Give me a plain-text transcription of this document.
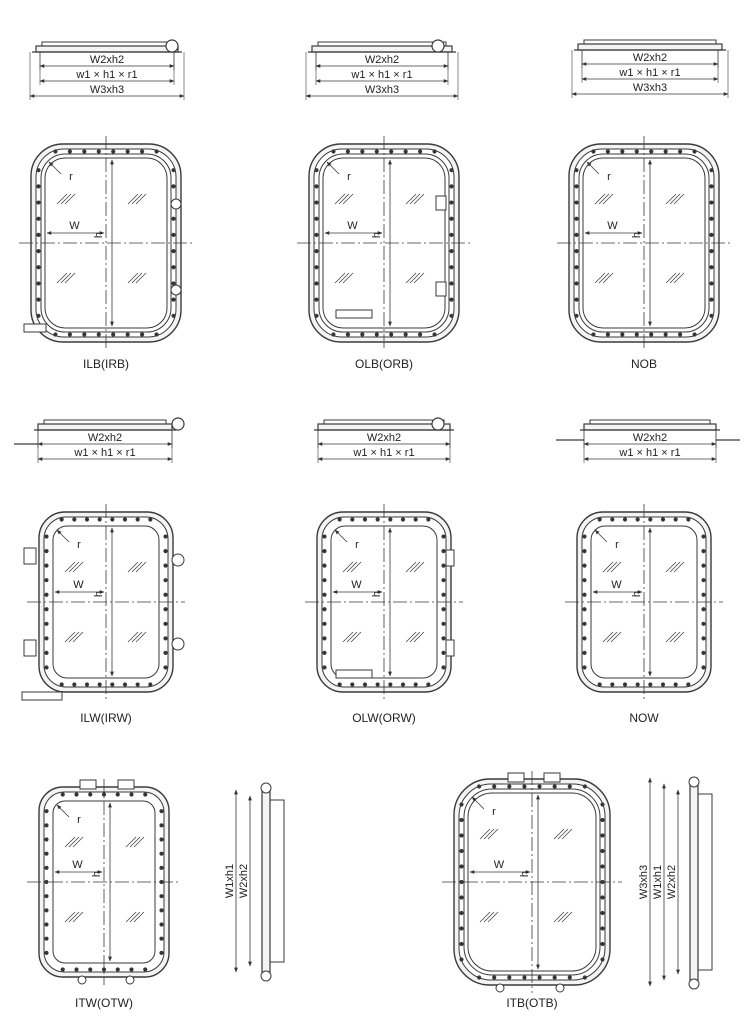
W2xh2
w1 × h1 × r1
W3xh3
W2xh2
w1 × h1 × r1
W3xh3
W2xh2
w1 × h1 × r1
W3xh3
r
W
h
r
W
h
r
W
h
ILB(IRB)	OLB(ORB)	NOB
W2xh2
w1 × h1 × r1
W2xh2
w1 × h1 × r1
W2xh2
w1 × h1 × r1
r
W
h
r
W
h
r
W
h
ILW(IRW)	OLW(ORW)	NOW
r
W
h
r
W
h
W2xh2
W1xh1	W2xh2
W1xh1
W3xh3
ITW(OTW)	ITB(OTB)
